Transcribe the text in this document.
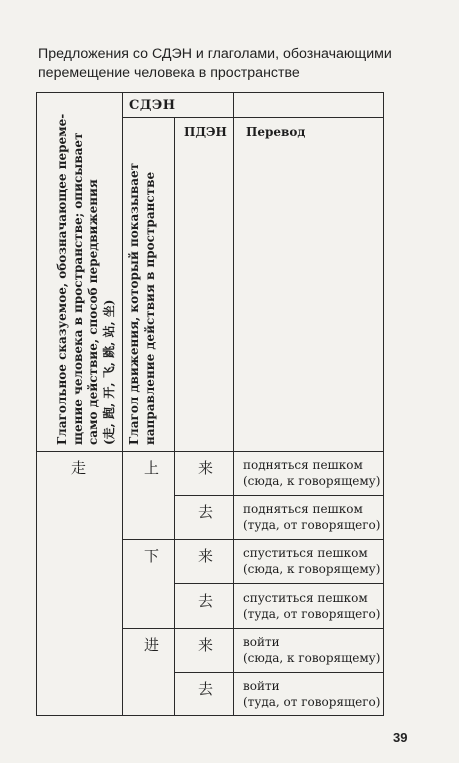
Предложения со СДЭН и глаголами, обозначающими
перемещение человека в пространстве
СДЭН
ПДЭН Перевод
Глагольное сказуемое, обозначающее переме- щение человека в пространстве; описывает само действие, способ передвижения (走, 跑, 开, 飞, 跳, 站, 坐) Глагол движения, который показывает направление действия в пространстве
走	上
下
进
来 подняться пешком
(сюда, к говорящему)
去 подняться пешком
(туда, от говорящего)
来 спуститься пешком
(сюда, к говорящему)
去 спуститься пешком
(туда, от говорящего)
来 войти
(сюда, к говорящему)
去 войти
(туда, от говорящего)
39
